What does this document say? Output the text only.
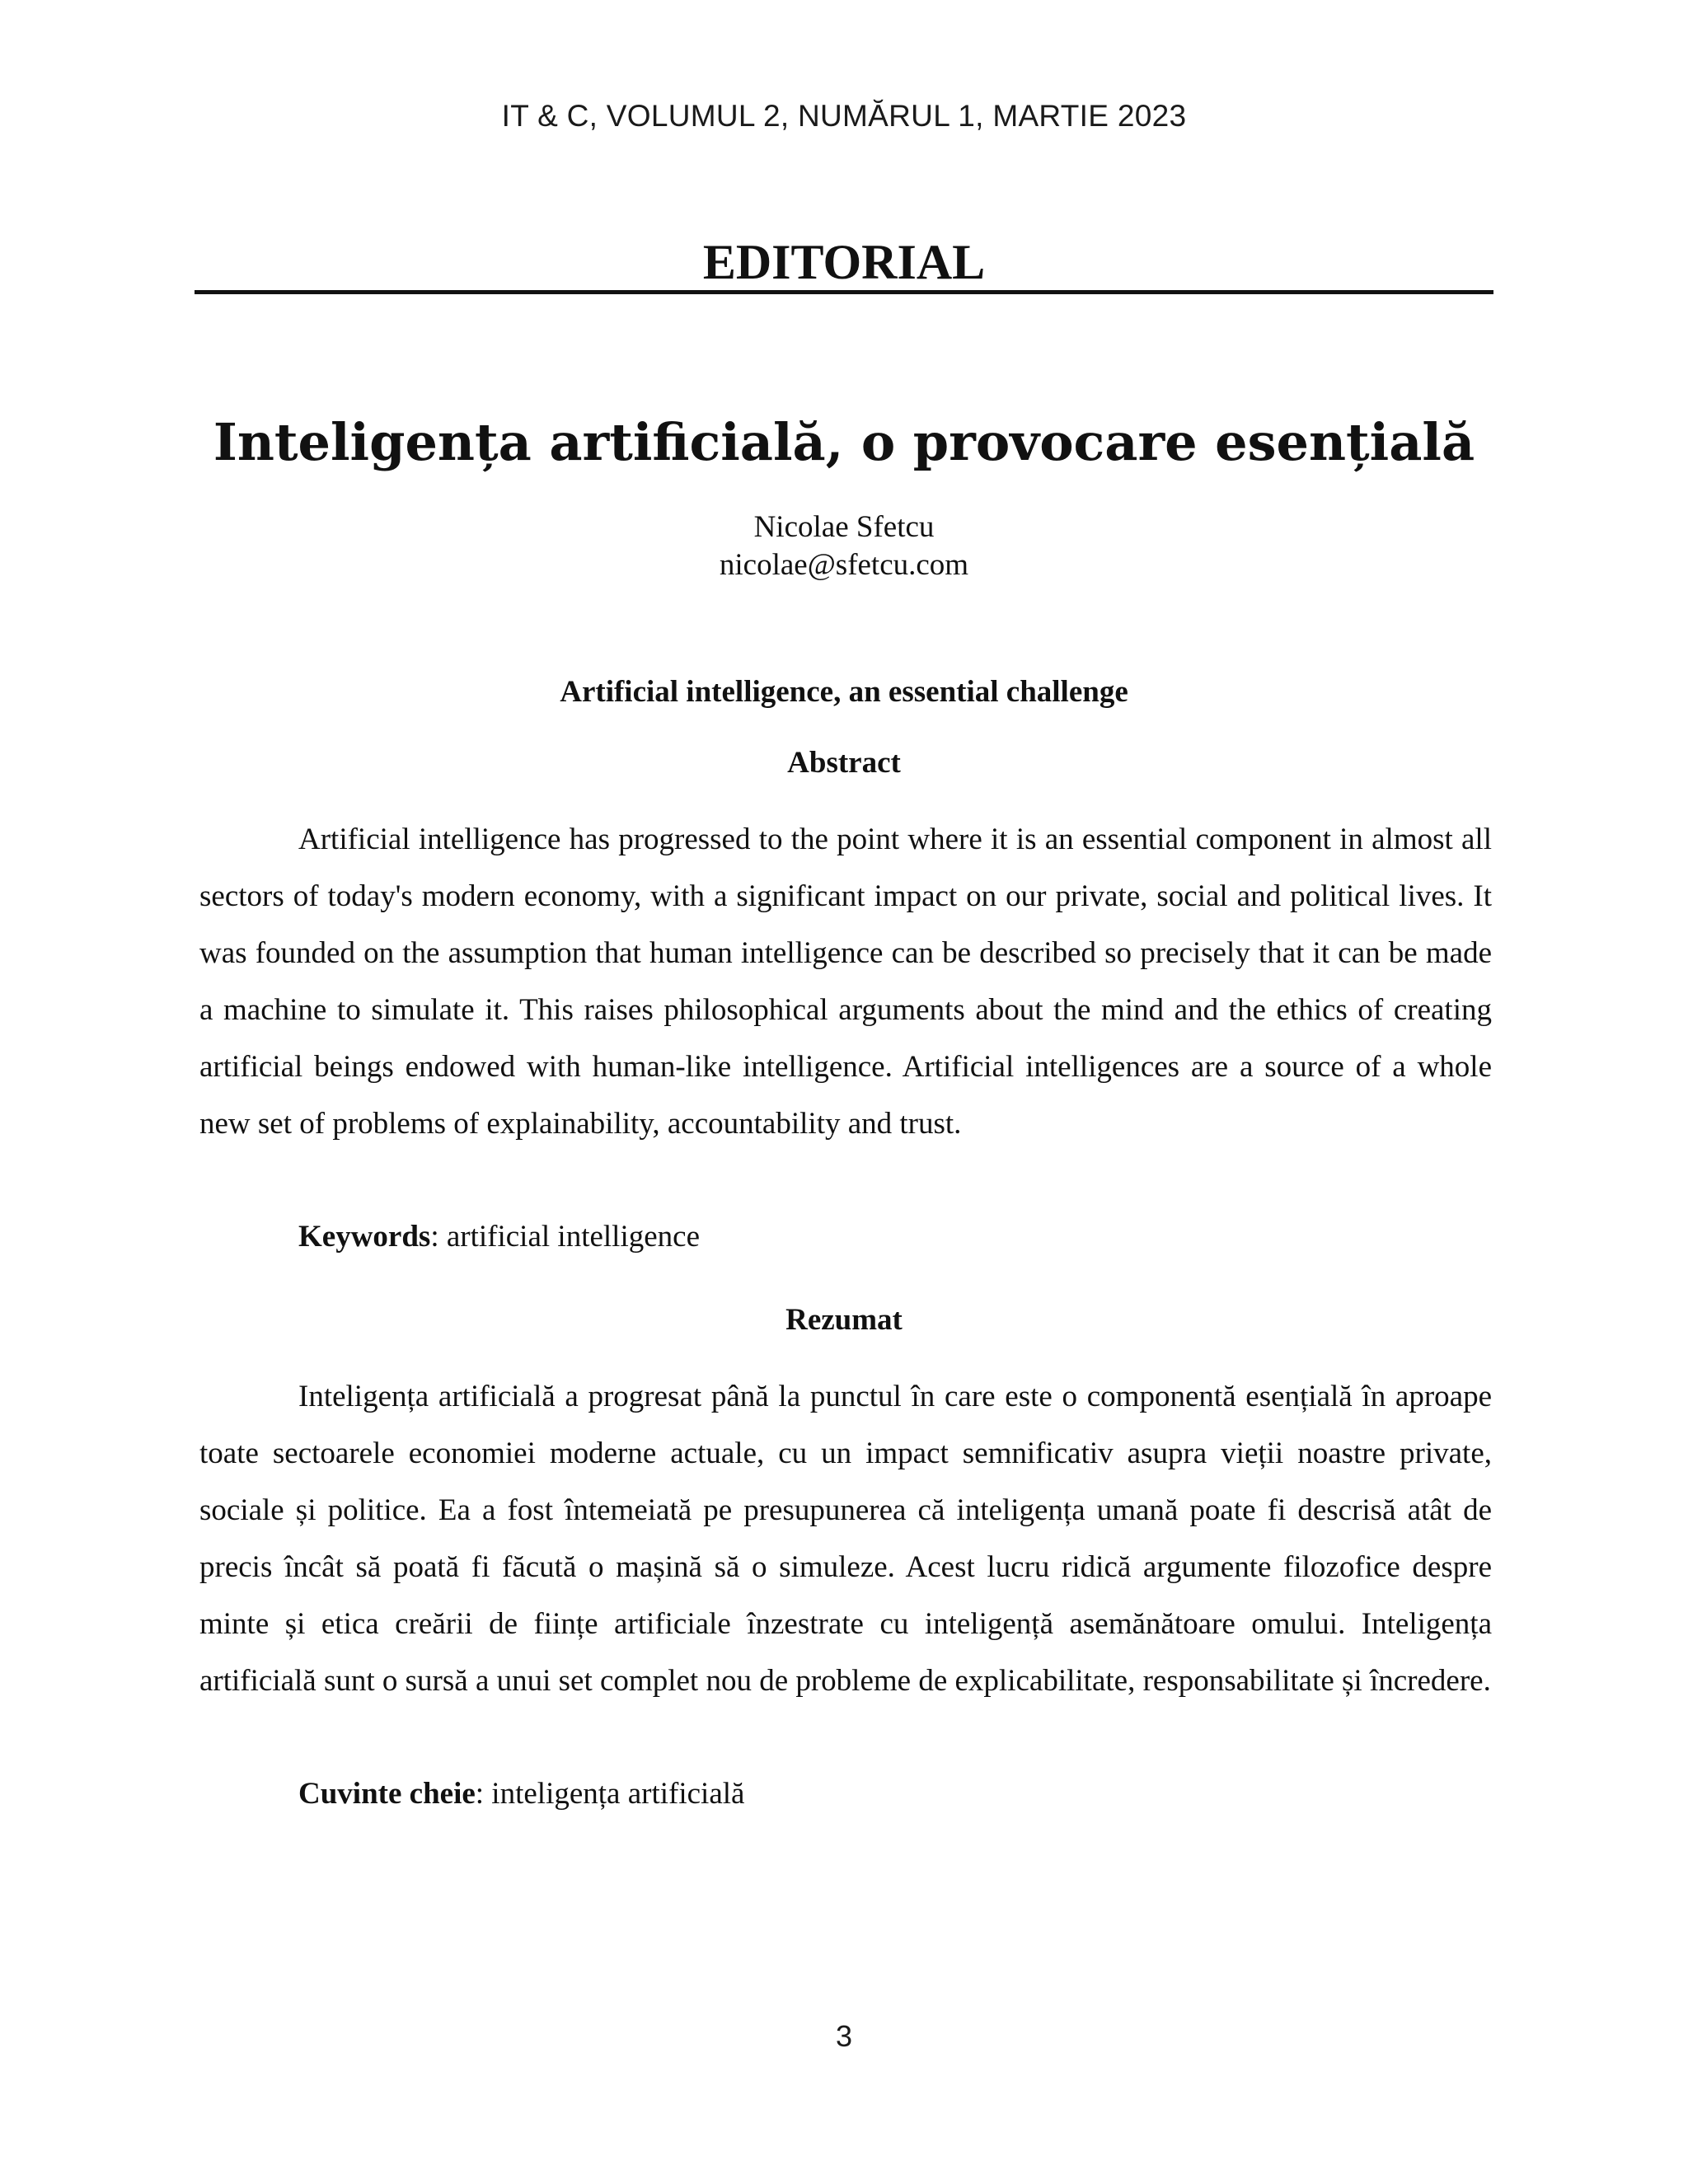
IT & C, VOLUMUL 2, NUMĂRUL 1, MARTIE 2023
EDITORIAL
Inteligența artificială, o provocare esențială
Nicolae Sfetcu
nicolae@sfetcu.com
Artificial intelligence, an essential challenge
Abstract

Artificial intelligence has progressed to the point where it is an essential component in almost all sectors of today's modern economy, with a significant impact on our private, social and political lives. It was founded on the assumption that human intelligence can be described so precisely that it can be made a machine to simulate it. This raises philosophical arguments about the mind and the ethics of creating artificial beings endowed with human-like intelligence. Artificial intelligences are a source of a whole new set of problems of explainability, accountability and trust.

Keywords: artificial intelligence
Rezumat

Inteligența artificială a progresat până la punctul în care este o componentă esențială în aproape toate sectoarele economiei moderne actuale, cu un impact semnificativ asupra vieții noastre private, sociale și politice. Ea a fost întemeiată pe presupunerea că inteligența umană poate fi descrisă atât de precis încât să poată fi făcută o mașină să o simuleze. Acest lucru ridică argumente filozofice despre minte și etica creării de ființe artificiale înzestrate cu inteligență asemănătoare omului. Inteligența artificială sunt o sursă a unui set complet nou de probleme de explicabilitate, responsabilitate și încredere.

Cuvinte cheie: inteligența artificială
3
